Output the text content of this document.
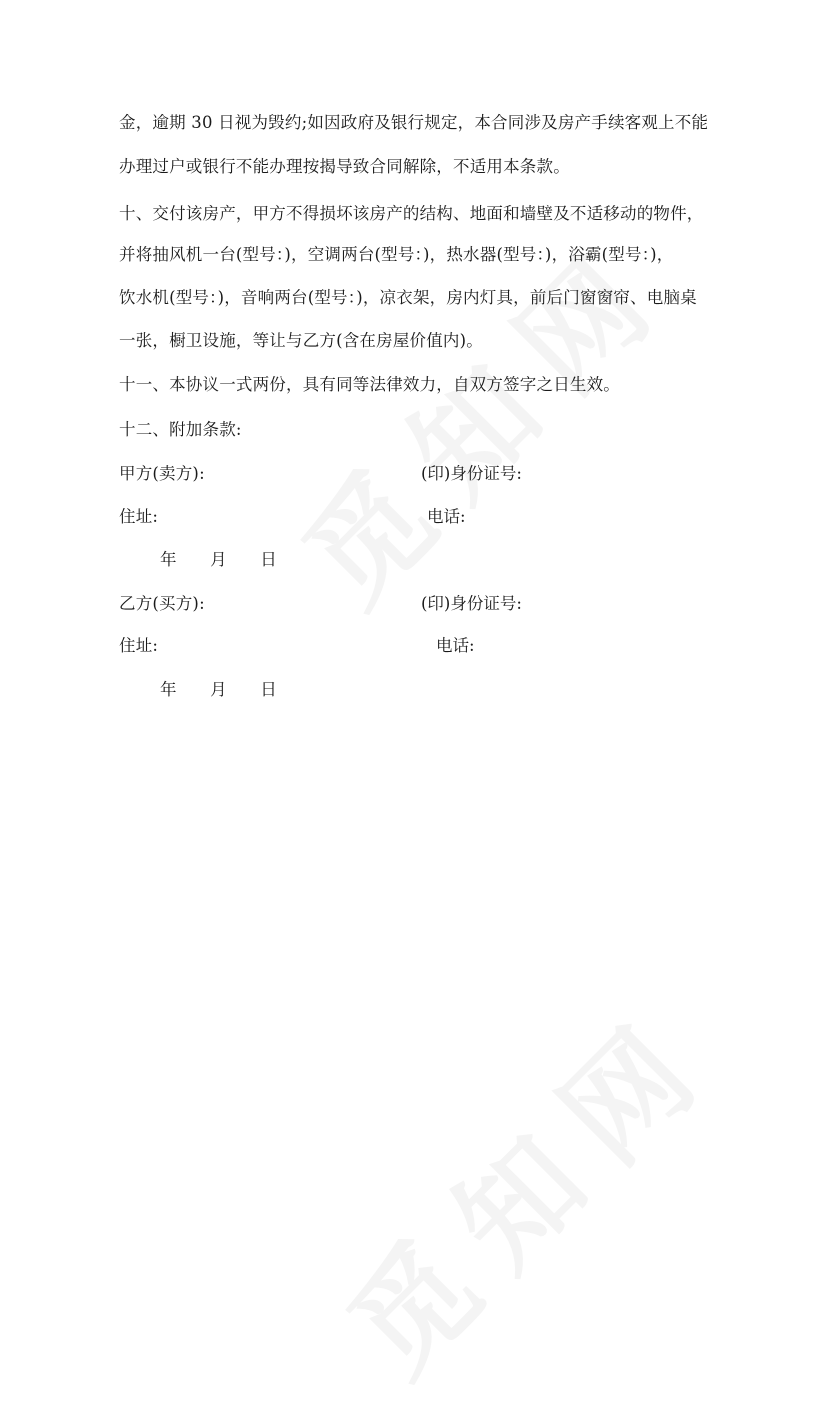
金，逾期 30 日视为毁约;如因政府及银行规定，本合同涉及房产手续客观上不能
办理过户或银行不能办理按揭导致合同解除，不适用本条款。
十、交付该房产，甲方不得损坏该房产的结构、地面和墙壁及不适移动的物件，
并将抽风机一台(型号：)，空调两台(型号：)，热水器(型号：)，浴霸(型号：)，
饮水机(型号：)，音响两台(型号：)，凉衣架，房内灯具，前后门窗窗帘、电脑桌
一张，橱卫设施，等让与乙方(含在房屋价值内)。
十一、本协议一式两份，具有同等法律效力，自双方签字之日生效。
十二、附加条款:
甲方(卖方):	(印)身份证号:
住址:	电话:
年　　月　　日
乙方(买方):	(印)身份证号:
住址:	电话:
年　　月　　日
